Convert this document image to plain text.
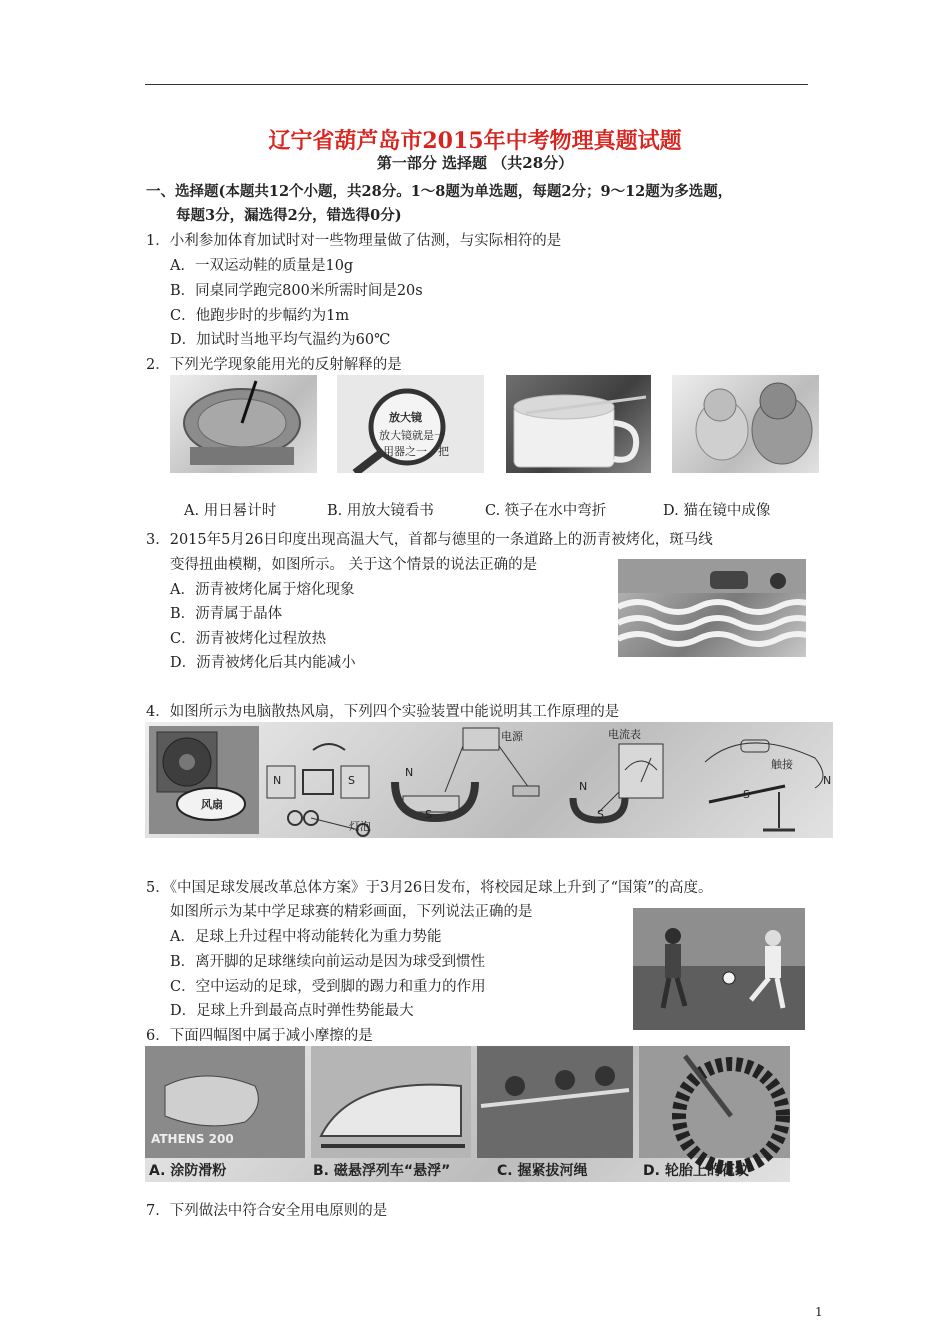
辽宁省葫芦岛市2015年中考物理真题试题
第一部分 选择题 （共28分）
一、选择题(本题共12个小题，共28分。1～8题为单选题，每题2分；9～12题为多选题，
每题3分，漏选得2分，错选得0分)
1．小利参加体育加试时对一些物理量做了估测，与实际相符的是
A．一双运动鞋的质量是10g
B．同桌同学跑完800米所需时间是20s
C．他跑步时的步幅约为1m
D．加试时当地平均气温约为60℃
2．下列光学现象能用光的反射解释的是
放大镜
放大镜就是一
用器之一。把
A. 用日晷计时	B. 用放大镜看书	C. 筷子在水中弯折	D. 猫在镜中成像
3．2015年5月26日印度出现高温大气，首都与德里的一条道路上的沥青被烤化，斑马线
变得扭曲模糊，如图所示。 关于这个情景的说法正确的是
A．沥青被烤化属于熔化现象
B．沥青属于晶体
C．沥青被烤化过程放热
D．沥青被烤化后其内能减小
4．如图所示为电脑散热风扇，下列四个实验装置中能说明其工作原理的是
风扇
灯泡
电源	电流表
触接
N	S
N
S
N
S
S
N
5．《中国足球发展改革总体方案》于3月26日发布，将校园足球上升到了“国策”的高度。
如图所示为某中学足球赛的精彩画面，下列说法正确的是
A．足球上升过程中将动能转化为重力势能
B．离开脚的足球继续向前运动是因为球受到惯性
C．空中运动的足球，受到脚的踢力和重力的作用
D．足球上升到最高点时弹性势能最大
6．下面四幅图中属于减小摩擦的是
ATHENS 200
A. 涂防滑粉	B. 磁悬浮列车“悬浮”	C. 握紧拔河绳	D. 轮胎上的花纹
7．下列做法中符合安全用电原则的是
1
